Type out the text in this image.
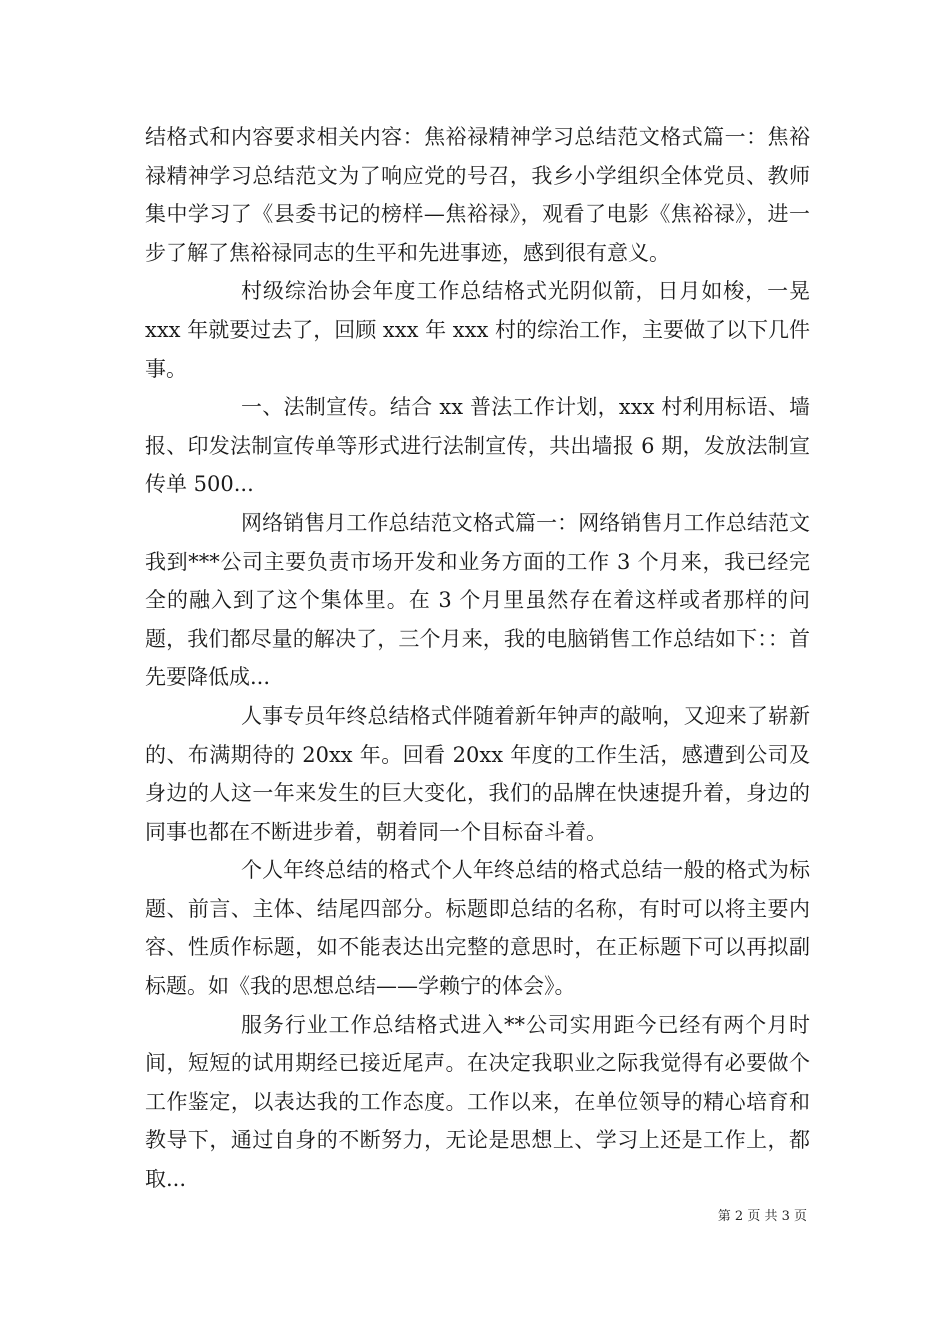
结格式和内容要求相关内容：焦裕禄精神学习总结范文格式篇一：焦裕禄精神学习总结范文为了响应党的号召，我乡小学组织全体党员、教师集中学习了《县委书记的榜样—焦裕禄》，观看了电影《焦裕禄》，进一步了解了焦裕禄同志的生平和先进事迹，感到很有意义。

村级综治协会年度工作总结格式光阴似箭，日月如梭，一晃 xxx 年就要过去了，回顾 xxx 年 xxx 村的综治工作，主要做了以下几件事。

一、法制宣传。结合 xx 普法工作计划，xxx 村利用标语、墙报、印发法制宣传单等形式进行法制宣传，共出墙报 6 期，发放法制宣传单 500...

网络销售月工作总结范文格式篇一：网络销售月工作总结范文我到***公司主要负责市场开发和业务方面的工作 3 个月来，我已经完全的融入到了这个集体里。在 3 个月里虽然存在着这样或者那样的问题，我们都尽量的解决了，三个月来，我的电脑销售工作总结如下：：首先要降低成...

人事专员年终总结格式伴随着新年钟声的敲响，又迎来了崭新的、布满期待的 20xx 年。回看 20xx 年度的工作生活，感遭到公司及身边的人这一年来发生的巨大变化，我们的品牌在快速提升着，身边的同事也都在不断进步着，朝着同一个目标奋斗着。

个人年终总结的格式个人年终总结的格式总结一般的格式为标题、前言、主体、结尾四部分。标题即总结的名称，有时可以将主要内容、性质作标题，如不能表达出完整的意思时，在正标题下可以再拟副标题。如《我的思想总结——学赖宁的体会》。

服务行业工作总结格式进入**公司实用距今已经有两个月时间，短短的试用期经已接近尾声。在决定我职业之际我觉得有必要做个工作鉴定，以表达我的工作态度。工作以来，在单位领导的精心培育和教导下，通过自身的不断努力，无论是思想上、学习上还是工作上，都取...

第 2 页 共 3 页
